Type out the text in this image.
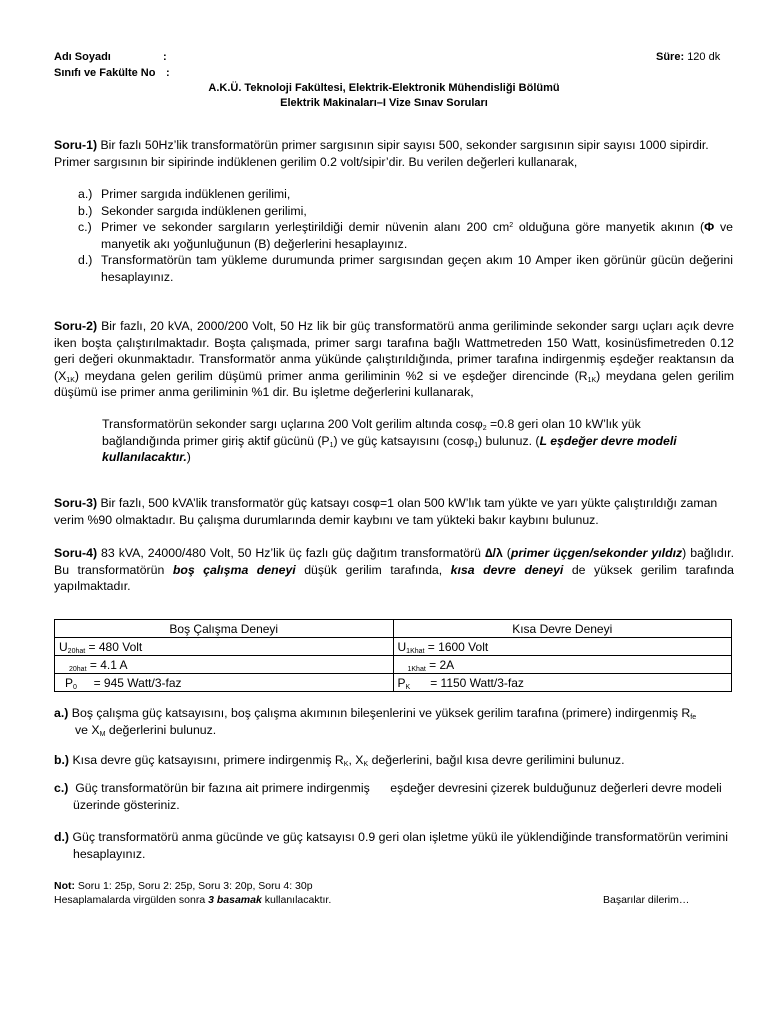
Adı Soyadı	:
Sınıfı ve Fakülte No :
Süre: 120 dk
A.K.Ü. Teknoloji Fakültesi, Elektrik-Elektronik Mühendisliği Bölümü
Elektrik Makinaları–I Vize Sınav Soruları
Soru-1) Bir fazlı 50Hz’lik transformatörün primer sargısının sipir sayısı 500, sekonder sargısının sipir sayısı 1000 sipirdir. Primer sargısının bir sipirinde indüklenen gerilim 0.2 volt/sipir’dir. Bu verilen değerleri kullanarak,
a.) Primer sargıda indüklenen gerilimi,
b.) Sekonder sargıda indüklenen gerilimi,
c.) Primer ve sekonder sargıların yerleştirildiği demir nüvenin alanı 200 $cm^2$ olduğuna göre manyetik akının (Φ ve manyetik akı yoğunluğunun (B) değerlerini hesaplayınız.
d.) Transformatörün tam yükleme durumunda primer sargısından geçen akım 10 Amper iken görünür gücün değerini hesaplayınız.
Soru-2) Bir fazlı, 20 kVA, 2000/200 Volt, 50 Hz lik bir güç transformatörü anma geriliminde sekonder sargı uçları açık devre iken boşta çalıştırılmaktadır. Boşta çalışmada, primer sargı tarafına bağlı Wattmetreden 150 Watt, kosinüsfimetreden 0.12 geri değeri okunmaktadır. Transformatör anma yükünde çalıştırıldığında, primer tarafına indirgenmiş eşdeğer reaktansın da $(X_{1K})$ meydana gelen gerilim düşümü primer anma geriliminin %2 si ve eşdeğer direncinde $(R_{1K})$ meydana gelen gerilim düşümü ise primer anma geriliminin %1 dir. Bu işletme değerlerini kullanarak,
Transformatörün sekonder sargı uçlarına 200 Volt gerilim altında cosφ$_2$ =0.8 geri olan 10 kW’lık yük bağlandığında primer giriş aktif gücünü $(P_1)$ ve güç katsayısını (cosφ$_1$) bulunuz. (L eşdeğer devre modeli kullanılacaktır.)
Soru-3) Bir fazlı, 500 kVA’lik transformatör güç katsayı cosφ=1 olan 500 kW’lık tam yükte ve yarı yükte çalıştırıldığı zaman verim %90 olmaktadır. Bu çalışma durumlarında demir kaybını ve tam yükteki bakır kaybını bulunuz.
Soru-4) 83 kVA, 24000/480 Volt, 50 Hz’lik üç fazlı güç dağıtım transformatörü ∆/λ (primer üçgen/sekonder yıldız) bağlıdır. Bu transformatörün boş çalışma deneyi düşük gerilim tarafında, kısa devre deneyi de yüksek gerilim tarafında yapılmaktadır.
Boş Çalışma Deneyi	Kısa Devre Deneyi
$U_{20hat} = 480$ Volt	$U_{1Khat} = 1600$ Volt
$_{20hat}$ = 4.1 A	$_{1Khat}$ = 2A
$P_0$     = 945 Watt/3-faz	$P_K$      = 1150 Watt/3-faz
a.) Boş çalışma güç katsayısını, boş çalışma akımının bileşenlerini ve yüksek gerilim tarafına (primere) indirgenmiş $R_{fe}$
ve $X_M$ değerlerini bulunuz.
b.) Kısa devre güç katsayısını, primere indirgenmiş $R_K$, $X_K$ değerlerini, bağıl kısa devre gerilimini bulunuz.
c.)  Güç transformatörün bir fazına ait primere indirgenmiş      eşdeğer devresini çizerek bulduğunuz değerleri devre modeli üzerinde gösteriniz.
d.) Güç transformatörü anma gücünde ve güç katsayısı 0.9 geri olan işletme yükü ile yüklendiğinde transformatörün verimini hesaplayınız.
Not: Soru 1: 25p, Soru 2: 25p, Soru 3: 20p, Soru 4: 30p
Hesaplamalarda virgülden sonra 3 basamak kullanılacaktır.	Başarılar dilerim…
